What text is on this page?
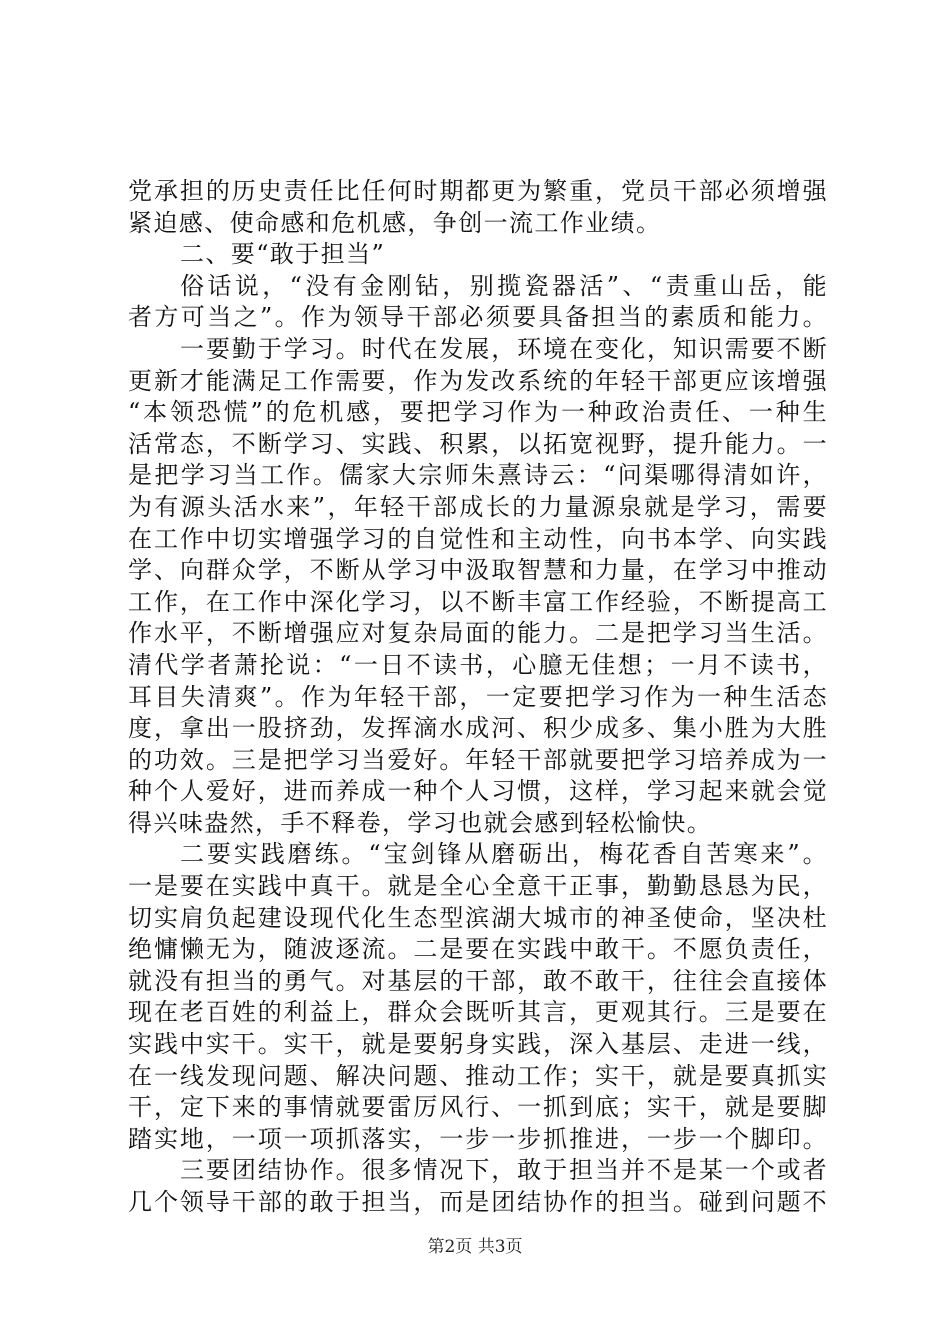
党承担的历史责任比任何时期都更为繁重，党员干部必须增强
紧迫感、使命感和危机感，争创一流工作业绩。
二、要“敢于担当”
俗话说，“没有金刚钻，别揽瓷器活”、“责重山岳，能
者方可当之”。作为领导干部必须要具备担当的素质和能力。
一要勤于学习。时代在发展，环境在变化，知识需要不断
更新才能满足工作需要，作为发改系统的年轻干部更应该增强
“本领恐慌”的危机感，要把学习作为一种政治责任、一种生
活常态，不断学习、实践、积累，以拓宽视野，提升能力。一
是把学习当工作。儒家大宗师朱熹诗云：“问渠哪得清如许，
为有源头活水来”，年轻干部成长的力量源泉就是学习，需要
在工作中切实增强学习的自觉性和主动性，向书本学、向实践
学、向群众学，不断从学习中汲取智慧和力量，在学习中推动
工作，在工作中深化学习，以不断丰富工作经验，不断提高工
作水平，不断增强应对复杂局面的能力。二是把学习当生活。
清代学者萧抡说：“一日不读书，心臆无佳想；一月不读书，
耳目失清爽”。作为年轻干部，一定要把学习作为一种生活态
度，拿出一股挤劲，发挥滴水成河、积少成多、集小胜为大胜
的功效。三是把学习当爱好。年轻干部就要把学习培养成为一
种个人爱好，进而养成一种个人习惯，这样，学习起来就会觉
得兴味盎然，手不释卷，学习也就会感到轻松愉快。
二要实践磨练。“宝剑锋从磨砺出，梅花香自苦寒来”。
一是要在实践中真干。就是全心全意干正事，勤勤恳恳为民，
切实肩负起建设现代化生态型滨湖大城市的神圣使命，坚决杜
绝慵懒无为，随波逐流。二是要在实践中敢干。不愿负责任，
就没有担当的勇气。对基层的干部，敢不敢干，往往会直接体
现在老百姓的利益上，群众会既听其言，更观其行。三是要在
实践中实干。实干，就是要躬身实践，深入基层、走进一线，
在一线发现问题、解决问题、推动工作；实干，就是要真抓实
干，定下来的事情就要雷厉风行、一抓到底；实干，就是要脚
踏实地，一项一项抓落实，一步一步抓推进，一步一个脚印。
三要团结协作。很多情况下，敢于担当并不是某一个或者
几个领导干部的敢于担当，而是团结协作的担当。碰到问题不
第2页 共3页
